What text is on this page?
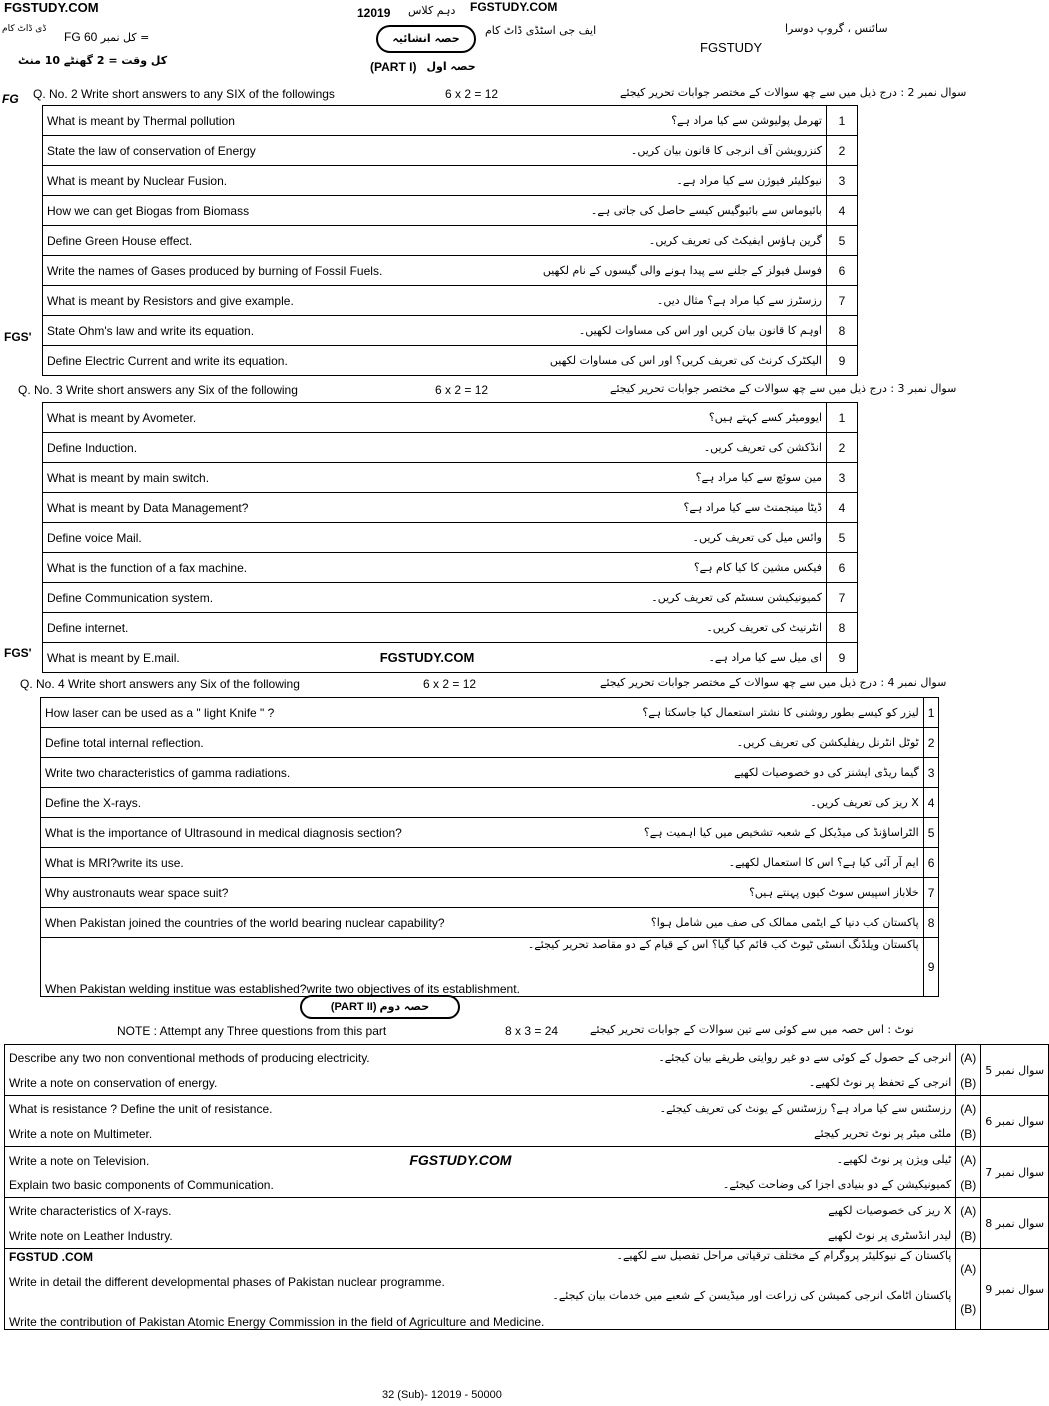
FGSTUDY.COM	12019 دہم کلاس FGSTUDY.COM
ڈی ڈاٹ کام
FG 60 کل نمبر =
کل وقت = 2 گھنٹے 10 منٹ
حصہ انشائیہ
ایف جی اسٹڈی ڈاٹ کام
FGSTUDY
سائنس ، گروپ دوسرا
(PART I) حصہ اول
FG Q. No. 2 Write short answers to any SIX of the followings	6 x 2 = 12	سوال نمبر 2 : درج ذیل میں سے چھ سوالات کے مختصر جوابات تحریر کیجئے
What is meant by Thermal pollution	تھرمل پولیوشن سے کیا مراد ہے؟	1
State the law of conservation of Energy	کنزرویشن آف انرجی کا قانون بیان کریں۔	2
What is meant by Nuclear Fusion.	نیوکلیئر فیوژن سے کیا مراد ہے۔	3
How we can get Biogas from Biomass	بائیوماس سے بائیوگیس کیسے حاصل کی جاتی ہے۔	4
Define Green House effect.	گرین ہاؤس ایفیکٹ کی تعریف کریں۔	5
Write the names of Gases produced by burning of Fossil Fuels.	فوسل فیولز کے جلنے سے پیدا ہونے والی گیسوں کے نام لکھیں	6
What is meant by Resistors and give example.	رزسٹرز سے کیا مراد ہے؟ مثال دیں۔	7
State Ohm's law and write its equation.	اوہم کا قانون بیان کریں اور اس کی مساوات لکھیں۔	8
Define Electric Current and write its equation.	الیکٹرک کرنٹ کی تعریف کریں؟ اور اس کی مساوات لکھیں	9
FGS'
Q. No. 3 Write short answers any Six of the following	6 x 2 = 12	سوال نمبر 3 : درج ذیل میں سے چھ سوالات کے مختصر جوابات تحریر کیجئے
What is meant by Avometer.	ایوومیٹر کسے کہتے ہیں؟	1
Define Induction.	انڈکشن کی تعریف کریں۔	2
What is meant by main switch.	مین سوئچ سے کیا مراد ہے؟	3
What is meant by Data Management?	ڈیٹا مینجمنٹ سے کیا مراد ہے؟	4
Define voice Mail.	وائس میل کی تعریف کریں۔	5
What is the function of a fax machine.	فیکس مشین کا کیا کام ہے؟	6
Define Communication system.	کمیونیکیشن سسٹم کی تعریف کریں۔	7
Define internet.	انٹرنیٹ کی تعریف کریں۔	8
What is meant by E.mail. FGSTUDY.COM	ای میل سے کیا مراد ہے۔	9
FGS'
Q. No. 4 Write short answers any Six of the following	6 x 2 = 12	سوال نمبر 4 : درج ذیل میں سے چھ سوالات کے مختصر جوابات تحریر کیجئے
How laser can be used as a " light Knife " ?	لیزر کو کیسے بطور روشنی کا نشتر استعمال کیا جاسکتا ہے؟	1
Define total internal reflection.	ٹوٹل انٹرنل ریفلیکشن کی تعریف کریں۔	2
Write two characteristics of gamma radiations.	گیما ریڈی ایشنز کی دو خصوصیات لکھیے	3
Define the X-rays.	X ریز کی تعریف کریں۔	4
What is the importance of Ultrasound in medical diagnosis section?	الٹراساؤنڈ کی میڈیکل کے شعبہ تشخیص میں کیا اہمیت ہے؟	5
What is MRI?write its use.	ایم آر آئی کیا ہے؟ اس کا استعمال لکھیے۔	6
Why austronauts wear space suit?	خلاباز اسپیس سوٹ کیوں پہنتے ہیں؟	7
When Pakistan joined the countries of the world bearing nuclear capability?	پاکستان کب دنیا کے ایٹمی ممالک کی صف میں شامل ہوا؟	8
When Pakistan welding institue was established?write two objectives of its establishment.	پاکستان ویلڈنگ انسٹی ٹیوٹ کب قائم کیا گیا؟ اس کے قیام کے دو مقاصد تحریر کیجئے۔	9
(PART II) حصہ دوم
NOTE : Attempt any Three questions from this part	8 x 3 = 24	نوٹ : اس حصہ میں سے کوئی سے تین سوالات کے جوابات تحریر کیجئے
Describe any two non conventional methods of producing electricity.	انرجی کے حصول کے کوئی سے دو غیر روایتی طریقے بیان کیجئے۔	(A)	سوال نمبر 5
Write a note on conservation of energy.	انرجی کے تحفظ پر نوٹ لکھیے۔	(B)	
What is resistance ? Define the unit of resistance.	رزسٹنس سے کیا مراد ہے؟ رزسٹنس کے یونٹ کی تعریف کیجئے۔	(A)	سوال نمبر 6
Write a note on Multimeter.	ملٹی میٹر پر نوٹ تحریر کیجئے	(B)	
Write a note on Television. FGSTUDY.COM	ٹیلی ویژن پر نوٹ لکھیے۔	(A)	سوال نمبر 7
Explain two basic components of Communication.	کمیونیکیشن کے دو بنیادی اجزا کی وضاحت کیجئے۔	(B)	
Write characteristics of X-rays.	X ریز کی خصوصیات لکھیے	(A)	سوال نمبر 8
Write note on Leather Industry.	لیدر انڈسٹری پر نوٹ لکھیے	(B)	

FGSTUD .COM
Write in detail the different developmental phases of Pakistan nuclear programme.	پاکستان کے نیوکلیئر پروگرام کے مختلف ترقیاتی مراحل تفصیل سے لکھیے۔	(A)	سوال نمبر 9
Write the contribution of Pakistan Atomic Energy Commission in the field of Agriculture and Medicine.	پاکستان اٹامک انرجی کمیشن کی زراعت اور میڈیسن کے شعبے میں خدمات بیان کیجئے۔	(B)	
32 (Sub)- 12019 - 50000
